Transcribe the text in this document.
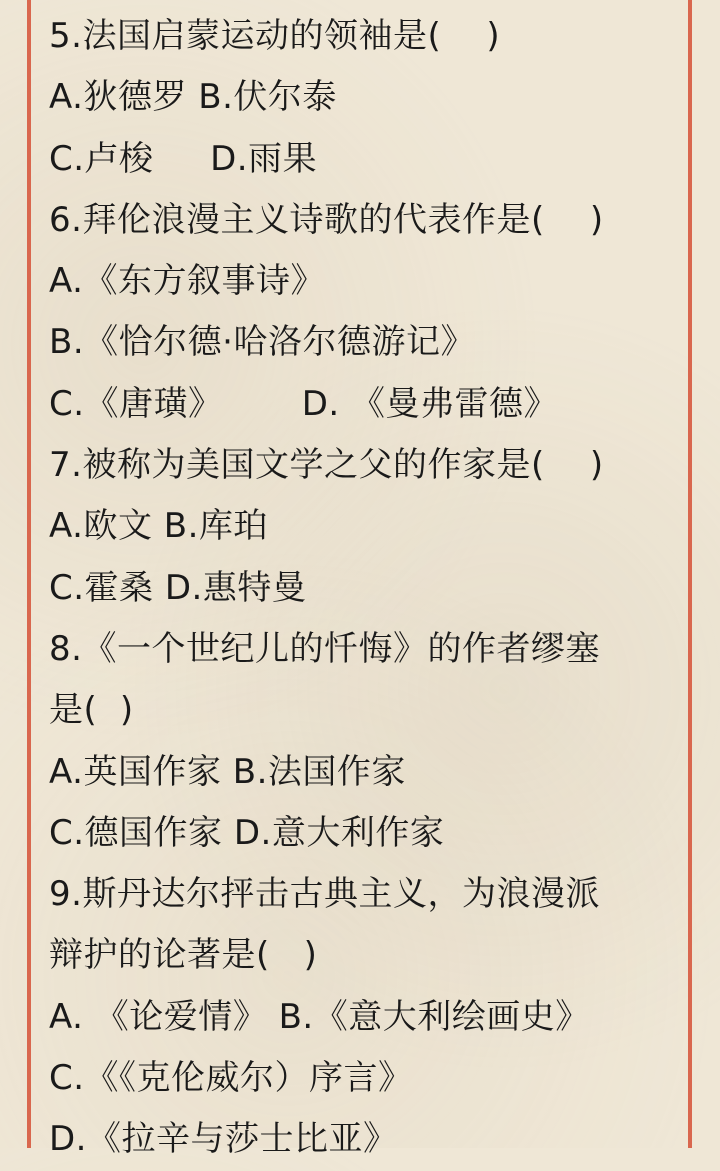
5.法国启蒙运动的领袖是(    )
A.狄德罗 B.伏尔泰
C.卢梭     D.雨果
6.拜伦浪漫主义诗歌的代表作是(    )
A.《东方叙事诗》
B.《恰尔德·哈洛尔德游记》
C.《唐璜》       D. 《曼弗雷德》
7.被称为美国文学之父的作家是(    )
A.欧文 B.库珀
C.霍桑 D.惠特曼
8.《一个世纪儿的忏悔》的作者缪塞
是(  )
A.英国作家 B.法国作家
C.德国作家 D.意大利作家
9.斯丹达尔抨击古典主义，为浪漫派
辩护的论著是(   )
A. 《论爱情》 B.《意大利绘画史》
C.《《克伦威尔）序言》
D.《拉辛与莎士比亚》
